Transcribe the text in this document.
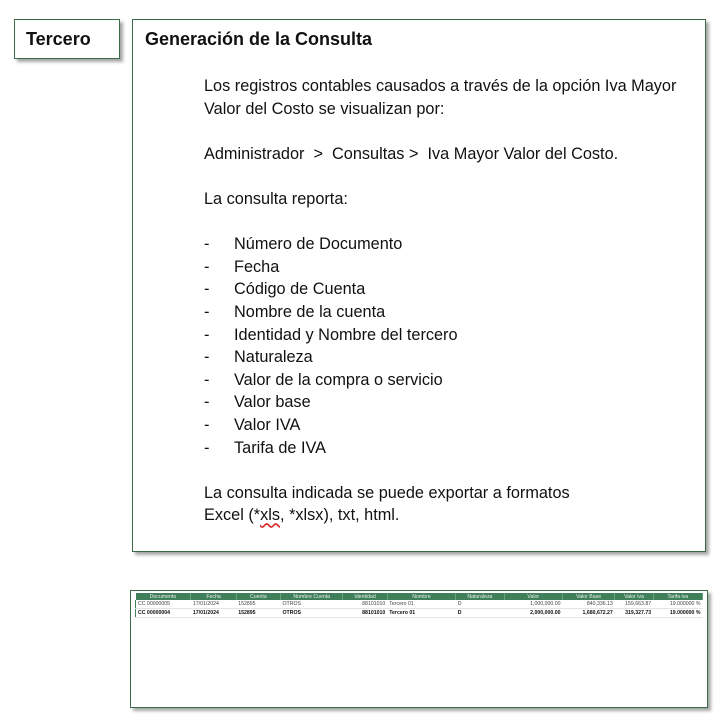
Tercero	Generación de la Consulta

Los registros contables causados a través de la opción Iva Mayor Valor del Costo se visualizan por:

Administrador  >  Consultas >  Iva Mayor Valor del Costo.

La consulta reporta:

-	Número de Documento
-	Fecha
-	Código de Cuenta
-	Nombre de la cuenta
-	Identidad y Nombre del tercero
-	Naturaleza
-	Valor de la compra o servicio
-	Valor base
-	Valor IVA
-	Tarifa de IVA

La consulta indicada se puede exportar a formatos

Excel (*xls, *xlsx), txt, html.

Documento	Fecha	Cuenta	Nombre Cuenta	Identidad	Nombre	Naturaleza	Valor	Valor Base	Valor iva	Tarifa iva
CC 00000005	17/01/2024	152895	OTROS	88101010	Tercero 01	D	1,000,000.00	840,336.13	159,663.87	19.000000 %
CC 00000004	17/01/2024	152895	OTROS	88101010	Tercero 01	D	2,000,000.00	1,680,672.27	319,327.73	19.000000 %
